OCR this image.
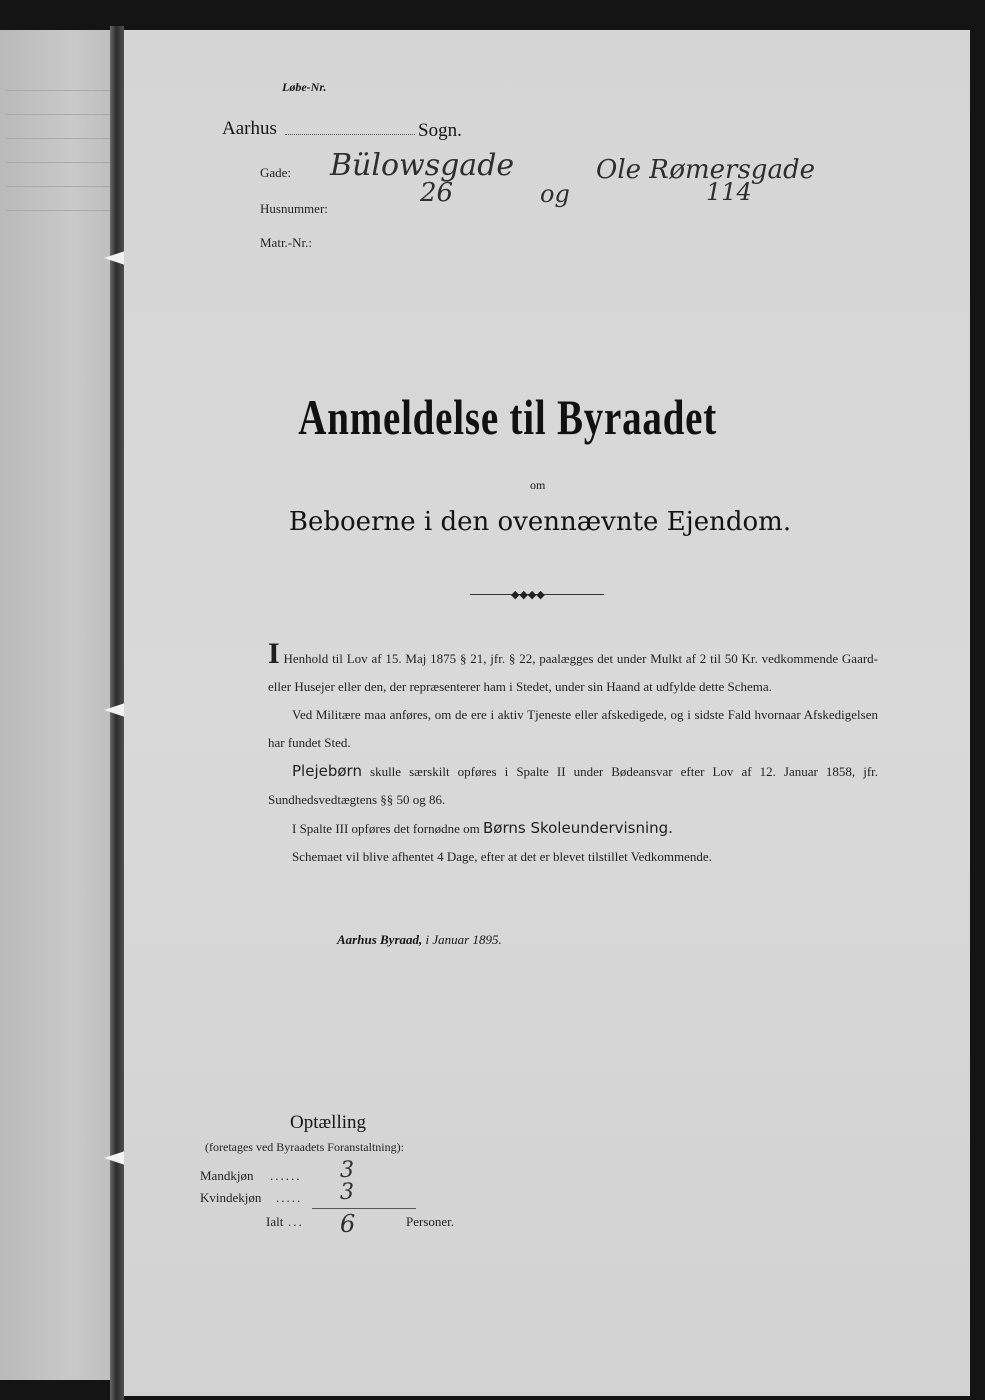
Løbe-Nr.
Aarhus	Sogn.
Gade: Bülowsgade	Ole Rømersgade
Husnummer:
26	og	114
Matr.-Nr.:
Anmeldelse til Byraadet
om
Beboerne i den ovennævnte Ejendom.
◆◆◆◆

I Henhold til Lov af 15. Maj 1875 § 21, jfr. § 22, paalægges det under Mulkt af 2 til 50 Kr. vedkommende Gaard- eller Husejer eller den, der repræsenterer ham i Stedet, under sin Haand at udfylde dette Schema.

Ved Militære maa anføres, om de ere i aktiv Tjeneste eller afskedigede, og i sidste Fald hvornaar Afskedigelsen har fundet Sted.

Plejebørn skulle særskilt opføres i Spalte II under Bødeansvar efter Lov af 12. Januar 1858, jfr. Sundhedsvedtægtens §§ 50 og 86.

I Spalte III opføres det fornødne om Børns Skoleundervisning.

Schemaet vil blive afhentet 4 Dage, efter at det er blevet tilstillet Vedkommende.

Aarhus Byraad, i Januar 1895.
Optælling
(foretages ved Byraadets Foranstaltning):
Mandkjøn ...... 3
Kvindekjøn ..... 3
Ialt ... 6	Personer.
